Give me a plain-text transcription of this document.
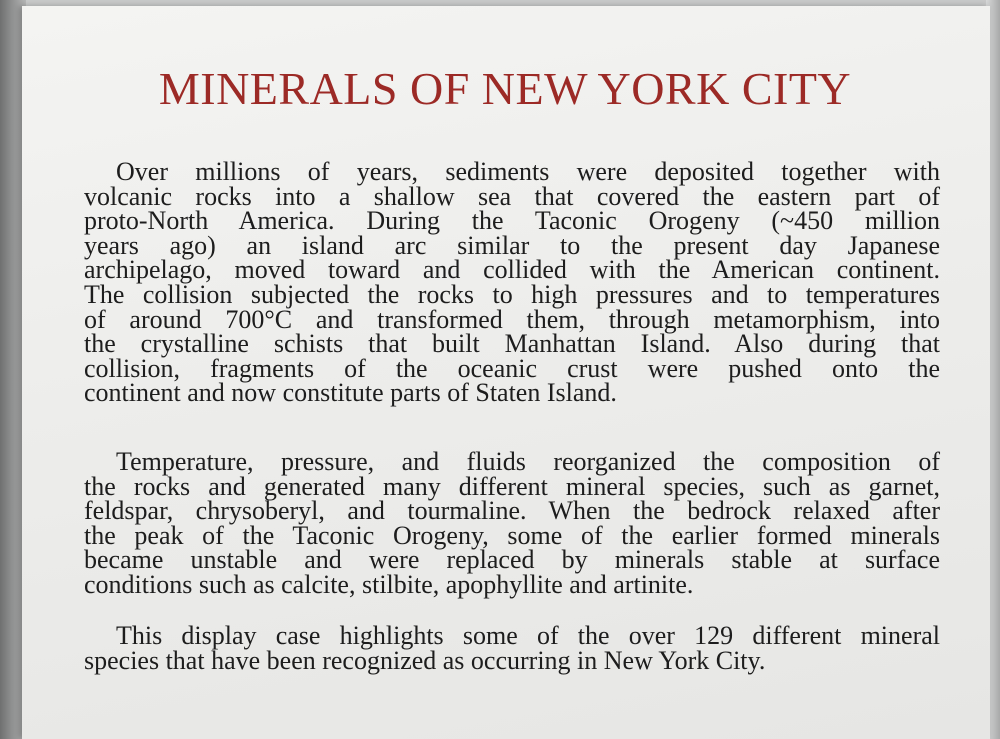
MINERALS OF NEW YORK CITY
Over millions of years, sediments were deposited together with
volcanic rocks into a shallow sea that covered the eastern part of
proto-North America. During the Taconic Orogeny (~450 million
years ago) an island arc similar to the present day Japanese
archipelago, moved toward and collided with the American continent.
The collision subjected the rocks to high pressures and to temperatures
of around 700°C and transformed them, through metamorphism, into
the crystalline schists that built Manhattan Island. Also during that
collision, fragments of the oceanic crust were pushed onto the
continent and now constitute parts of Staten Island.
Temperature, pressure, and fluids reorganized the composition of
the rocks and generated many different mineral species, such as garnet,
feldspar, chrysoberyl, and tourmaline. When the bedrock relaxed after
the peak of the Taconic Orogeny, some of the earlier formed minerals
became unstable and were replaced by minerals stable at surface
conditions such as calcite, stilbite, apophyllite and artinite.
This display case highlights some of the over 129 different mineral
species that have been recognized as occurring in New York City.
